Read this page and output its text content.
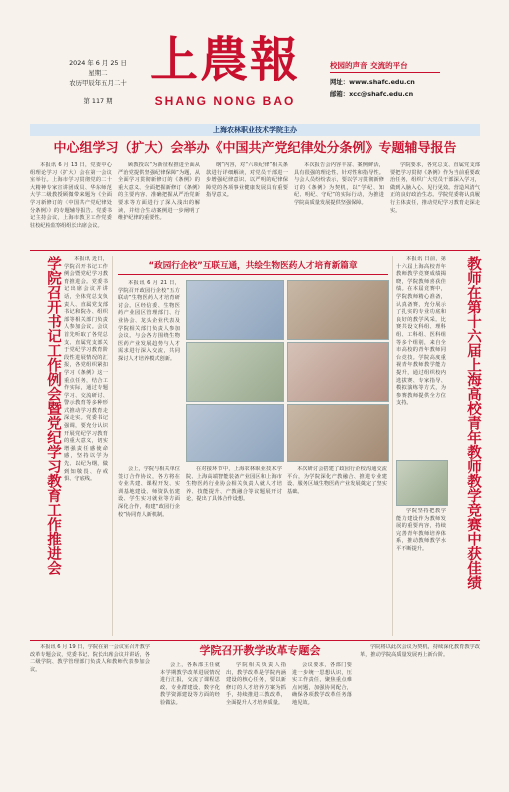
2024 年 6 月 25 日
星期二
农历甲辰年五月二十
第 117 期
上農報
SHANG NONG BAO
校园的声音 交流的平台
网址：www.shafc.edu.cn
邮箱：xcc@shafc.edu.cn
上海农林职业技术学院主办
中心组学习（扩大）会举办《中国共产党纪律处分条例》专题辅导报告

本报讯 6 月 13 日，党委中心组理论学习（扩大）会在第一会议室举行。上海市学习贯彻党的二十大精神专家宣讲团成员、华东师范大学二级教授顾微带来题为《全面学习新修订的〈中国共产党纪律处分条例〉》的专题辅导报告。党委书记主持会议，上海市教卫工作党委驻校纪检监察组组长出席会议。

顾教授以“为新征程推进全面从严治党提供坚强纪律保障”为题，从全面学习贯彻新修订的《条例》的重大意义、全面把握新修订《条例》的主要内容、准确把握从严治党新要求等方面进行了深入浅出的解读，并结合生动案例进一步阐明了维护纪律的重要性。

纲”内容，对“六项纪律”相关条款进行详细解读，对党员干部进一步增强纪律意识、以严明的纪律保障党的各项事业健康发展具有重要指导意义。

本次报告会内容丰富、案例鲜活，具有很强的理论性、针对性和指导性。与会人员纷纷表示，要以学习贯彻新修订的《条例》为契机，以“学纪、知纪、明纪、守纪”的实际行动，为推进学院高质量发展提供坚强保障。

学院要求，各党总支、直属党支部要把学习贯彻《条例》作为当前重要政治任务，组织广大党员干部深入学习，做到入脑入心、见行见效。营造风清气正的良好政治生态。学院党委将认真履行主体责任，推动党纪学习教育走深走实。

学院召开书记工作例会暨党纪学习教育工作推进会	本报讯 近日，学院召开书记工作例会暨党纪学习教育推进会。党委书记出席会议并讲话，全体党总支负责人、直属党支部书记和院办、组织部等相关部门负责人参加会议。会议首先听取了各党总支、直属党支部关于党纪学习教育阶段性进展情况的汇报，各党组织紧扣学习《条例》这一重点任务，结合工作实际，通过专题学习、交流研讨、警示教育等多种形式推动学习教育走深走实。党委书记强调，要充分认识开展党纪学习教育的重大意义，切实增强责任感使命感，坚持以学为先、以纪为纲，做到知敬畏、存戒惧、守底线。

“政园行企校”互联互通，共绘生物医药人才培育新篇章

本报讯 6 月 21 日，学院召开政园行企校“五方联动”生物医药人才培育研讨会。区经信委、生物医药产业园区管理部门、行业协会、龙头企业代表及学院相关部门负责人参加会议。与会各方围绕生物医药产业发展趋势与人才需求进行深入交流，共同探讨人才培养模式创新。

会上，学院与相关单位签订合作协议，各方将在专业共建、课程开发、实训基地建设、师资队伍建设、学生实习就业等方面深化合作，构建“政园行企校”协同育人新机制。

在对接环节中，上海农林职业技术学院、上海高端智能装备产业园区和上海市生物医药行业协会相关负责人就人才培养、技能提升、产教融合等议题展开讨论，提出了具体合作设想。

本次研讨会搭建了政园行企校沟通交流平台，为学院深化产教融合、推进专业建设、服务区域生物医药产业发展奠定了坚实基础。

本报讯 日前，第十六届上海高校青年教师教学竞赛成绩揭晓，学院教师喜获佳绩。在本届竞赛中，学院教师精心准备，认真备赛，充分展示了扎实的专业功底和良好的教学风采。比赛共设文科组、理科组、工科组、医科组等多个组别，来自全市高校的青年教师同台竞技。学院高度重视青年教师教学能力提升，通过组织校内选拔赛、专家指导、模拟演练等方式，为参赛教师提供全方位支持。	教师在第十六届上海高校青年教师教学竞赛中获佳绩

学院坚持把教学能力建设作为教师发展的重要内容，持续完善青年教师培养体系，推动教师教学水平不断提升。

学院召开教学改革专题会

本报讯 6 月 19 日，学院在第一会议室召开教学改革专题会议，党委书记、院长出席会议并讲话，各二级学院、教学管理部门负责人和教师代表参加会议。

会上，各系部主任就本学期教学改革进展情况进行汇报，交流了课程思政、专业群建设、数字化教学资源建设等方面的经验做法。

学院相关负责人指出，教学改革是学院内涵建设的核心任务，要以新修订的人才培养方案为抓手，持续推进三教改革，全面提升人才培养质量。

会议要求，各部门要进一步统一思想认识，压实工作责任，聚焦重点难点问题，加强协同配合，确保各项教学改革任务落地见效。

学院将以此次会议为契机，持续深化教育教学改革，推动学院高质量发展再上新台阶。
